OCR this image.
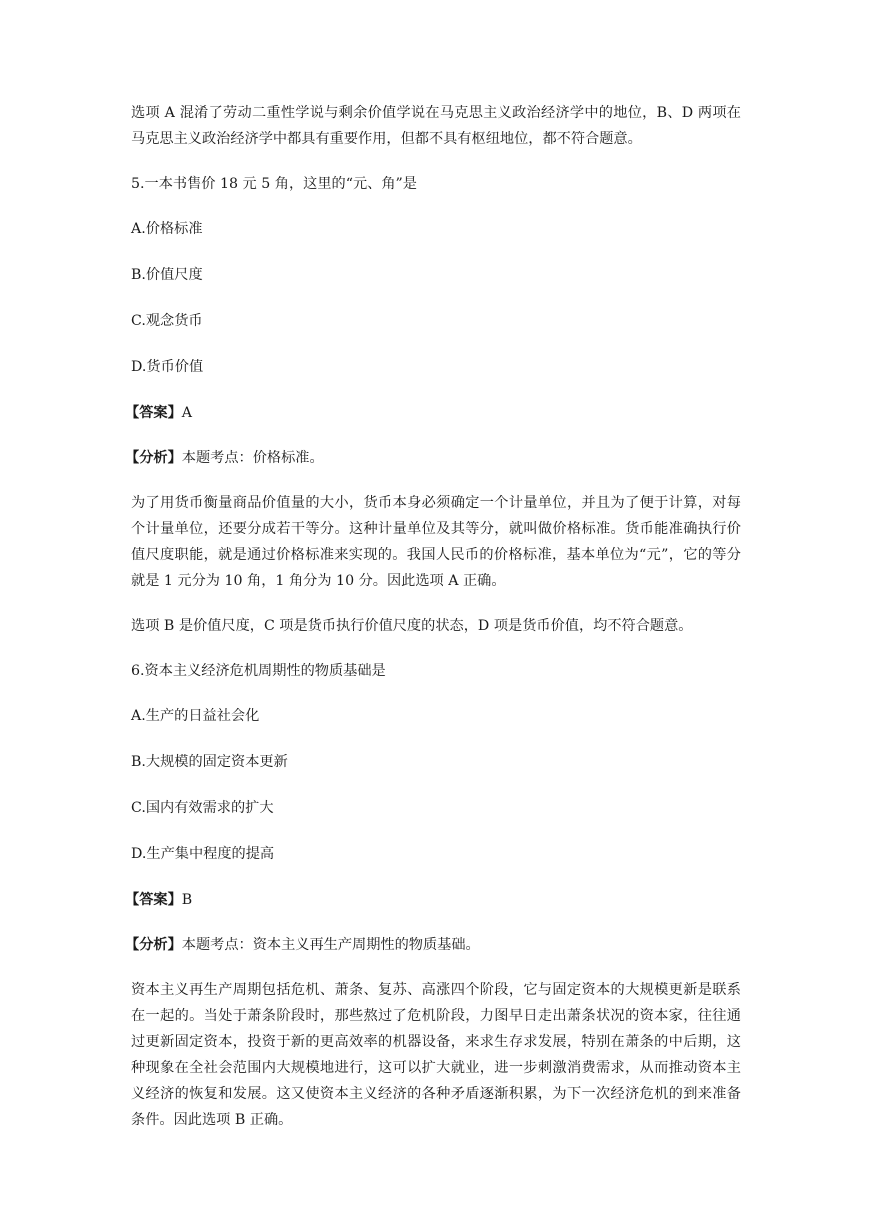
选项 A 混淆了劳动二重性学说与剩余价值学说在马克思主义政治经济学中的地位，B、D 两项在马克思主义政治经济学中都具有重要作用，但都不具有枢纽地位，都不符合题意。

5.一本书售价 18 元 5 角，这里的“元、角”是

A.价格标准

B.价值尺度

C.观念货币

D.货币价值

【答案】A

【分析】本题考点：价格标准。

为了用货币衡量商品价值量的大小，货币本身必须确定一个计量单位，并且为了便于计算，对每个计量单位，还要分成若干等分。这种计量单位及其等分，就叫做价格标准。货币能准确执行价值尺度职能，就是通过价格标准来实现的。我国人民币的价格标准，基本单位为“元”，它的等分就是 1 元分为 10 角，1 角分为 10 分。因此选项 A 正确。

选项 B 是价值尺度，C 项是货币执行价值尺度的状态，D 项是货币价值，均不符合题意。

6.资本主义经济危机周期性的物质基础是

A.生产的日益社会化

B.大规模的固定资本更新

C.国内有效需求的扩大

D.生产集中程度的提高

【答案】B

【分析】本题考点：资本主义再生产周期性的物质基础。

资本主义再生产周期包括危机、萧条、复苏、高涨四个阶段，它与固定资本的大规模更新是联系在一起的。当处于萧条阶段时，那些熬过了危机阶段，力图早日走出萧条状况的资本家，往往通过更新固定资本，投资于新的更高效率的机器设备，来求生存求发展，特别在萧条的中后期，这种现象在全社会范围内大规模地进行，这可以扩大就业，进一步刺激消费需求，从而推动资本主义经济的恢复和发展。这又使资本主义经济的各种矛盾逐渐积累，为下一次经济危机的到来准备条件。因此选项 B 正确。
